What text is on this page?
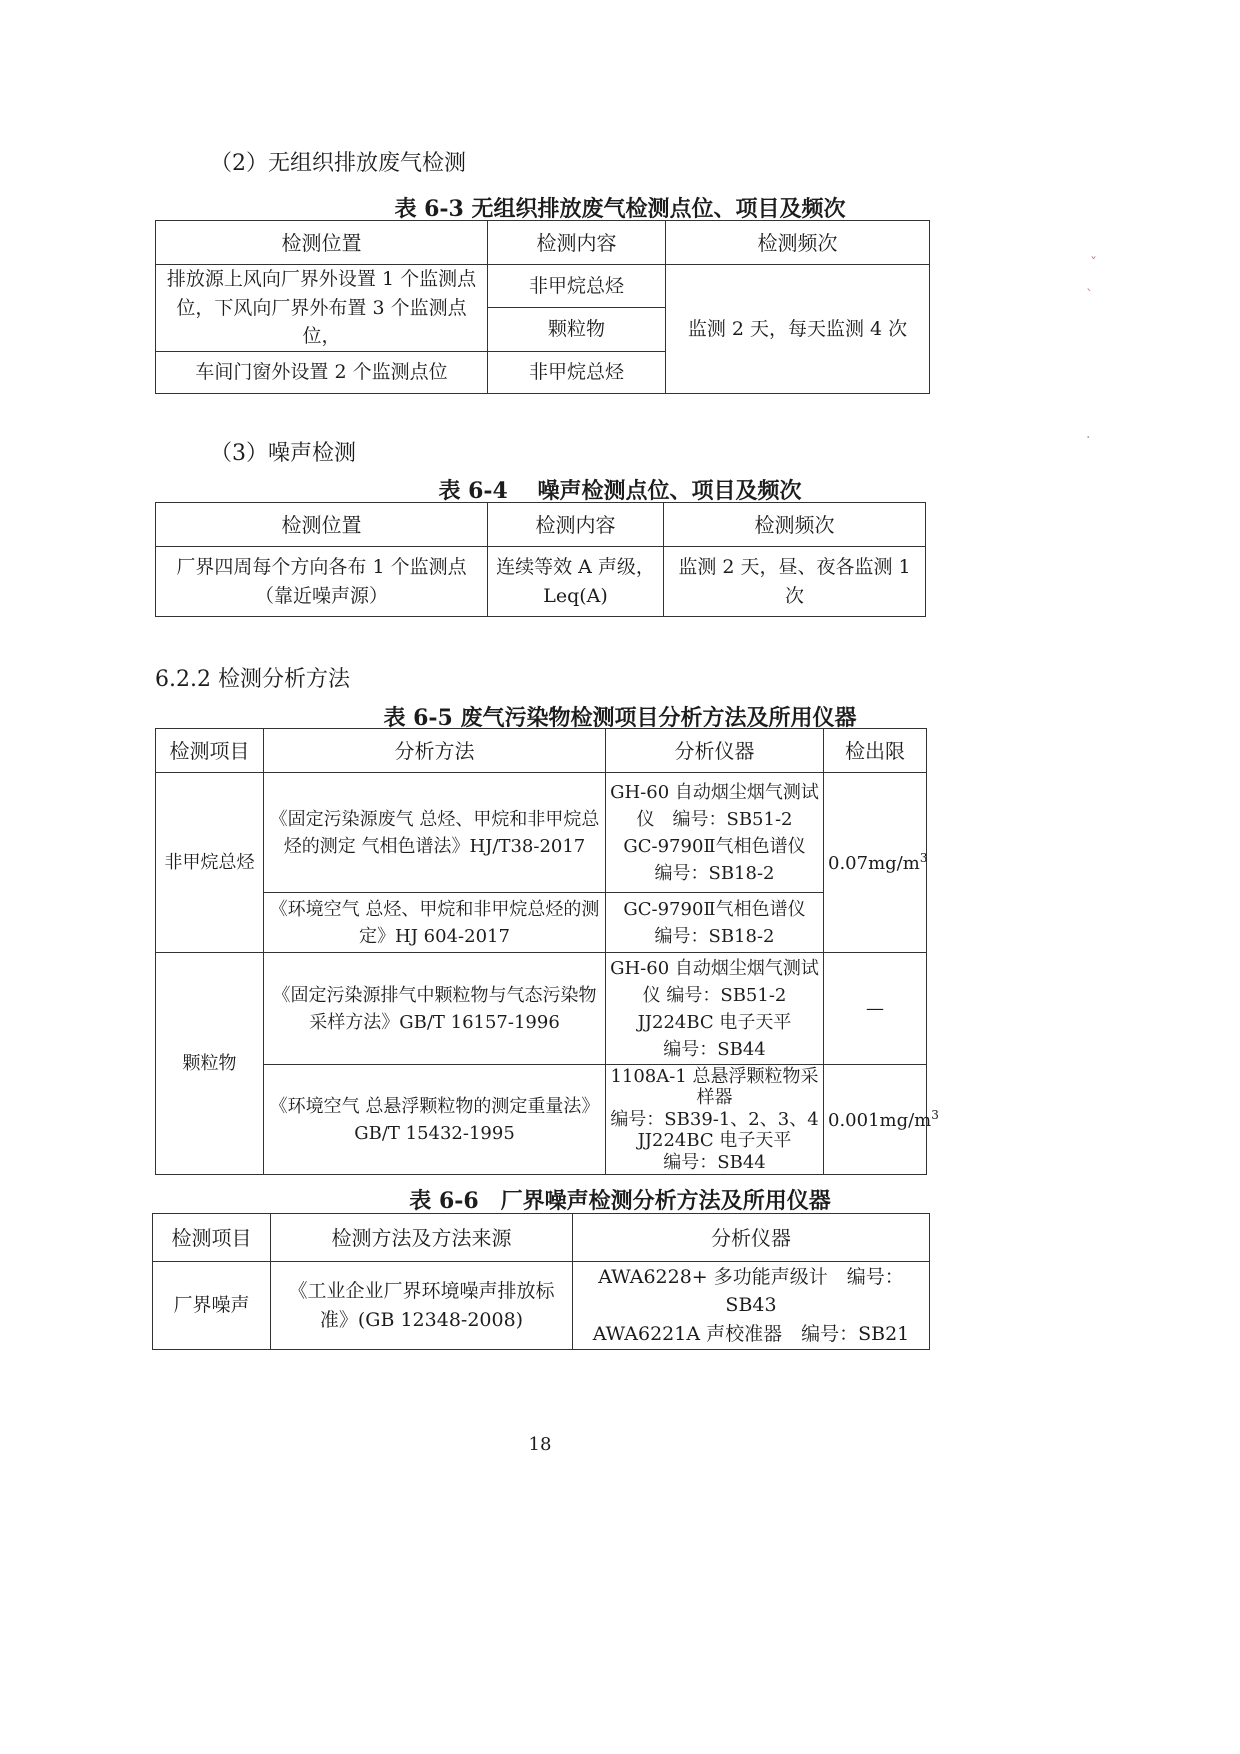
（2）无组织排放废气检测
表 6-3 无组织排放废气检测点位、项目及频次
检测位置	检测内容	检测频次
排放源上风向厂界外设置 1 个监测点位，下风向厂界外布置 3 个监测点位，	非甲烷总烃	监测 2 天，每天监测 4 次
	颗粒物	
车间门窗外设置 2 个监测点位	非甲烷总烃	
（3）噪声检测
表 6-4　 噪声检测点位、项目及频次
检测位置	检测内容	检测频次
厂界四周每个方向各布 1 个监测点（靠近噪声源）	连续等效 A 声级，Leq(A)	监测 2 天，昼、夜各监测 1 次
6.2.2 检测分析方法
表 6-5 废气污染物检测项目分析方法及所用仪器
检测项目	分析方法	分析仪器	检出限
非甲烷总烃	《固定污染源废气 总烃、甲烷和非甲烷总烃的测定 气相色谱法》HJ/T38-2017	GH-60 自动烟尘烟气测试仪　编号：SB51-2
GC-9790Ⅱ气相色谱仪
编号：SB18-2	$0.07mg/m^3$
	《环境空气 总烃、甲烷和非甲烷总烃的测定》HJ 604-2017	GC-9790Ⅱ气相色谱仪
编号：SB18-2	
颗粒物	《固定污染源排气中颗粒物与气态污染物采样方法》GB/T 16157-1996	GH-60 自动烟尘烟气测试仪 编号：SB51-2
JJ224BC 电子天平
编号：SB44	—
	《环境空气 总悬浮颗粒物的测定重量法》 GB/T 15432-1995	1108A-1 总悬浮颗粒物采样器
编号：SB39-1、2、3、4
JJ224BC 电子天平
编号：SB44	$0.001mg/m^3$
表 6-6　厂界噪声检测分析方法及所用仪器
检测项目	检测方法及方法来源	分析仪器
厂界噪声	《工业企业厂界环境噪声排放标准》(GB 12348-2008)	AWA6228+ 多功能声级计　编号：SB43
AWA6221A 声校准器　编号：SB21
18
ˇ
ˋ
·
